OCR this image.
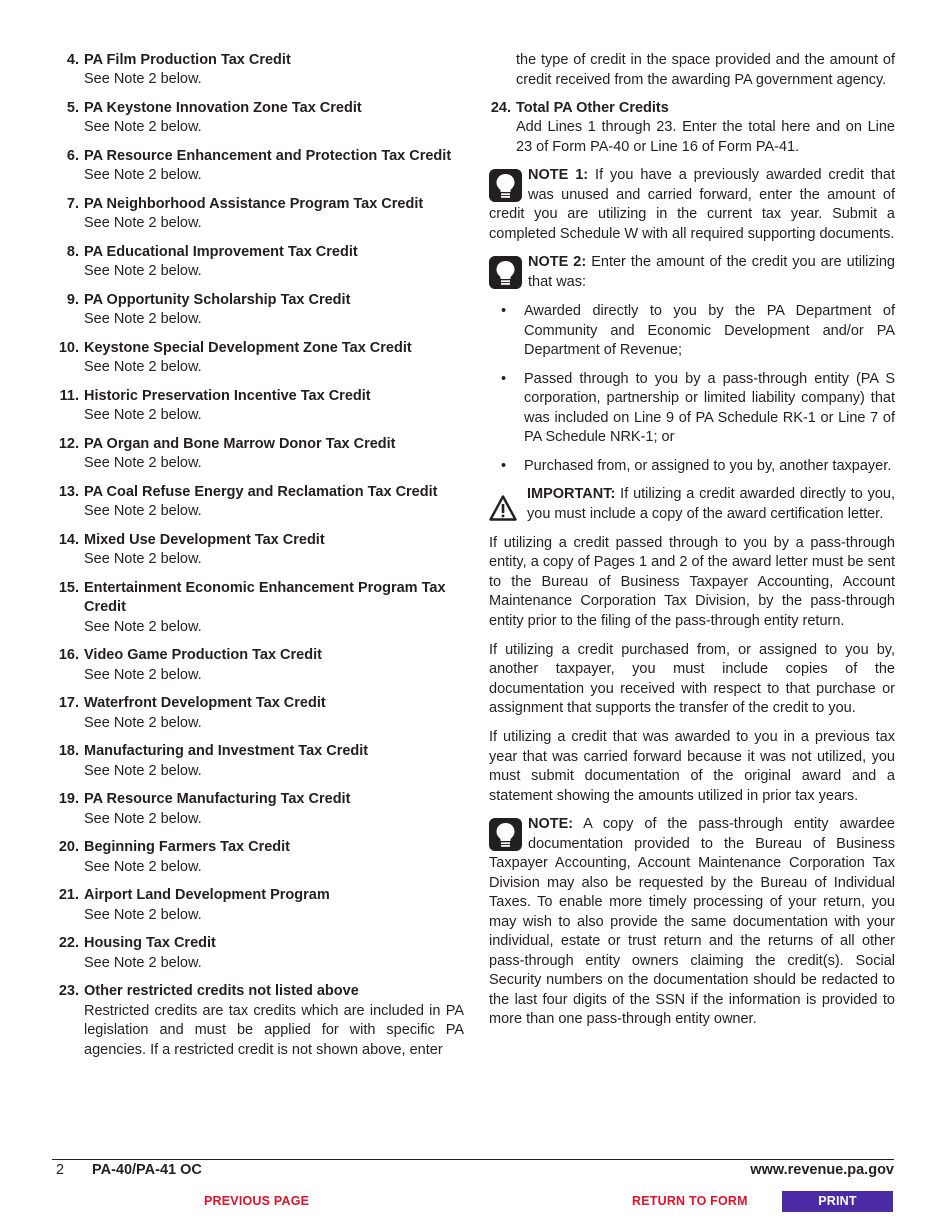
4. PA Film Production Tax Credit
See Note 2 below.
5. PA Keystone Innovation Zone Tax Credit
See Note 2 below.
6. PA Resource Enhancement and Protection Tax Credit
See Note 2 below.
7. PA Neighborhood Assistance Program Tax Credit
See Note 2 below.
8. PA Educational Improvement Tax Credit
See Note 2 below.
9. PA Opportunity Scholarship Tax Credit
See Note 2 below.
10. Keystone Special Development Zone Tax Credit
See Note 2 below.
11. Historic Preservation Incentive Tax Credit
See Note 2 below.
12. PA Organ and Bone Marrow Donor Tax Credit
See Note 2 below.
13. PA Coal Refuse Energy and Reclamation Tax Credit
See Note 2 below.
14. Mixed Use Development Tax Credit
See Note 2 below.
15. Entertainment Economic Enhancement Program Tax Credit
See Note 2 below.
16. Video Game Production Tax Credit
See Note 2 below.
17. Waterfront Development Tax Credit
See Note 2 below.
18. Manufacturing and Investment Tax Credit
See Note 2 below.
19. PA Resource Manufacturing Tax Credit
See Note 2 below.
20. Beginning Farmers Tax Credit
See Note 2 below.
21. Airport Land Development Program
See Note 2 below.
22. Housing Tax Credit
See Note 2 below.
23. Other restricted credits not listed above
Restricted credits are tax credits which are included in PA legislation and must be applied for with specific PA agencies. If a restricted credit is not shown above, enter

the type of credit in the space provided and the amount of credit received from the awarding PA government agency.

24. Total PA Other Credits
Add Lines 1 through 23. Enter the total here and on Line 23 of Form PA-40 or Line 16 of Form PA-41.

NOTE 1: If you have a previously awarded credit that was unused and carried forward, enter the amount of credit you are utilizing in the current tax year. Submit a completed Schedule W with all required supporting documents.

NOTE 2: Enter the amount of the credit you are utilizing that was:

• Awarded directly to you by the PA Department of Community and Economic Development and/or PA Department of Revenue;
• Passed through to you by a pass-through entity (PA S corporation, partnership or limited liability company) that was included on Line 9 of PA Schedule RK-1 or Line 7 of PA Schedule NRK-1; or
• Purchased from, or assigned to you by, another taxpayer.

IMPORTANT: If utilizing a credit awarded directly to you, you must include a copy of the award certification letter.

If utilizing a credit passed through to you by a pass-through entity, a copy of Pages 1 and 2 of the award letter must be sent to the Bureau of Business Taxpayer Accounting, Account Maintenance Corporation Tax Division, by the pass-through entity prior to the filing of the pass-through entity return.

If utilizing a credit purchased from, or assigned to you by, another taxpayer, you must include copies of the documentation you received with respect to that purchase or assignment that supports the transfer of the credit to you.

If utilizing a credit that was awarded to you in a previous tax year that was carried forward because it was not utilized, you must submit documentation of the original award and a statement showing the amounts utilized in prior tax years.

NOTE: A copy of the pass-through entity awardee documentation provided to the Bureau of Business Taxpayer Accounting, Account Maintenance Corporation Tax Division may also be requested by the Bureau of Individual Taxes. To enable more timely processing of your return, you may wish to also provide the same documentation with your individual, estate or trust return and the returns of all other pass-through entity owners claiming the credit(s). Social Security numbers on the documentation should be redacted to the last four digits of the SSN if the information is provided to more than one pass-through entity owner.

2 PA-40/PA-41 OC	www.revenue.pa.gov
PREVIOUS PAGE	RETURN TO FORM	PRINT
